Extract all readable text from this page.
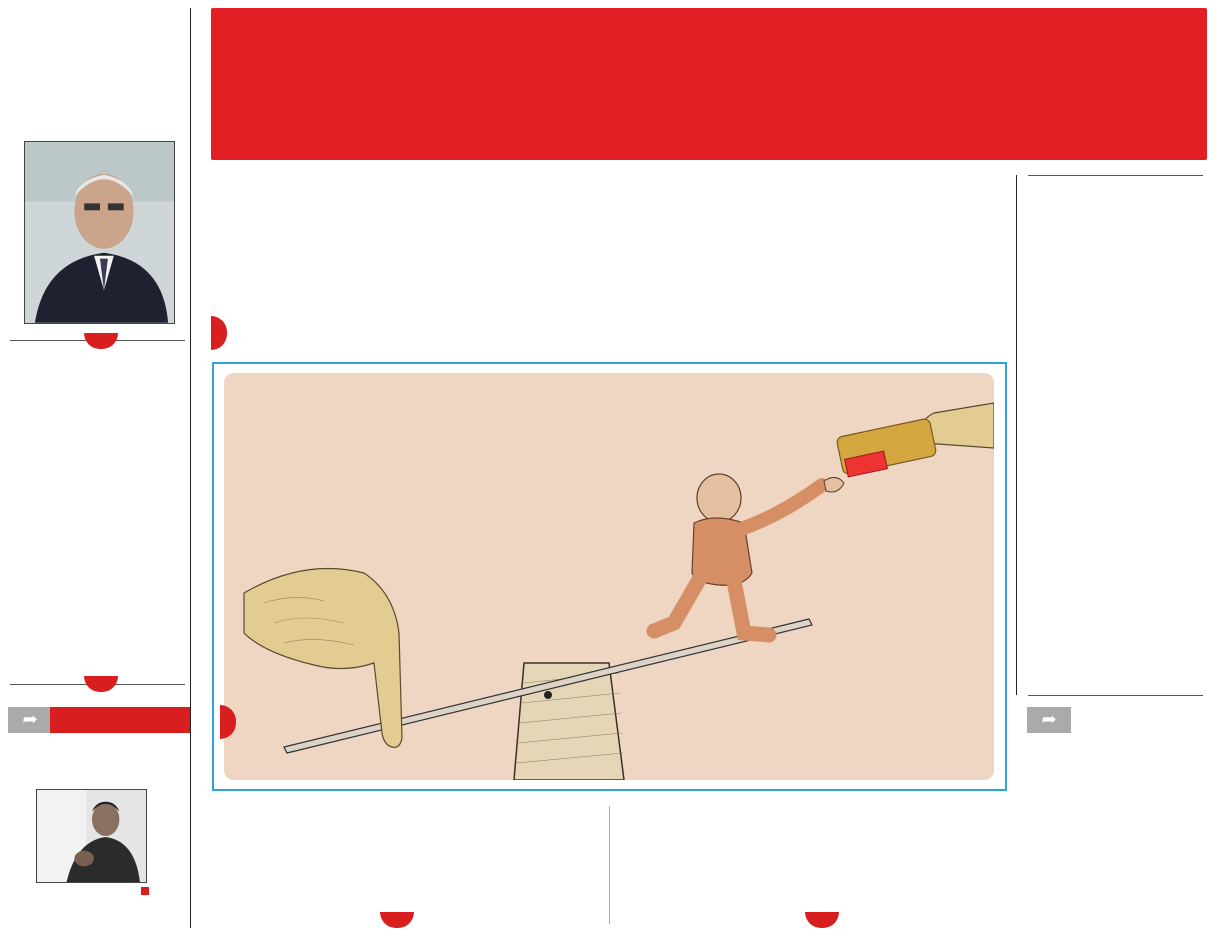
➦	➦
